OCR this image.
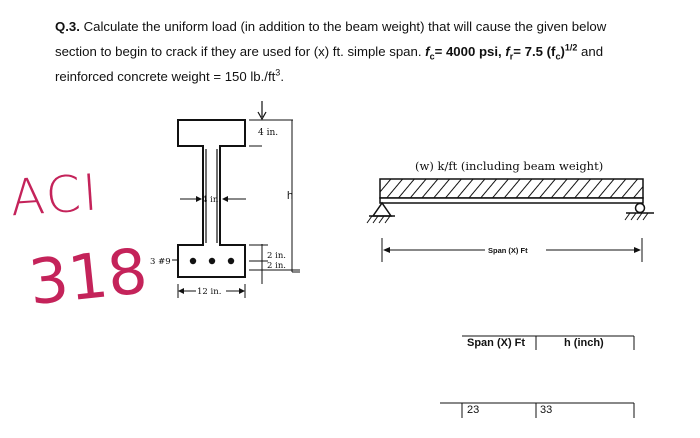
Q.3. Calculate the uniform load (in addition to the beam weight) that will cause the given below
section to begin to crack if they are used for (x) ft. simple span. $f_c= 4000$ psi, $f_r= 7.5$ $(f_c)^{1/2}$ and
reinforced concrete weight = 150 $lb./ft^3$.
ACI
318
4 in.
h
4 in.
3 #9
2 in.
2 in.
12 in.
(w) k/ft (including beam weight)
Span (X) Ft
Span (X) Ft	h (inch)
23	33
